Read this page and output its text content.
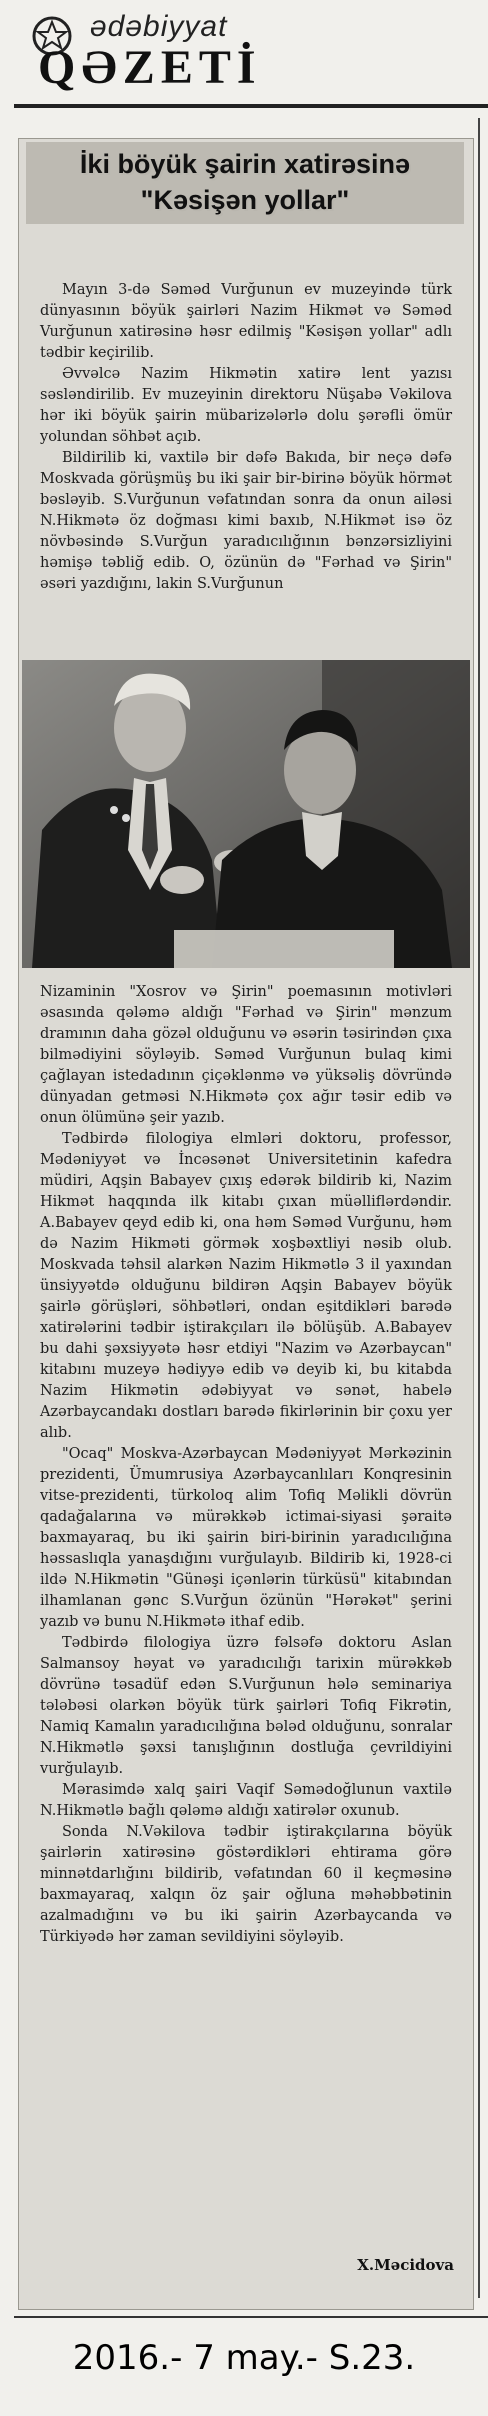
ədəbiyyat
QƏZETİ
İki böyük şairin xatirəsinə "Kəsişən yollar"

Mayın 3-də Səməd Vurğunun ev muzeyində türk dünyasının böyük şairləri Nazim Hikmət və Səməd Vurğunun xatirəsinə həsr edilmiş "Kəsişən yollar" adlı tədbir keçirilib.

Əvvəlcə Nazim Hikmətin xatirə lent yazısı səsləndirilib. Ev muzeyinin direktoru Nüşabə Vəkilova hər iki böyük şairin mübarizələrlə dolu şərəfli ömür yolundan söhbət açıb.

Bildirilib ki, vaxtilə bir dəfə Bakıda, bir neçə dəfə Moskvada görüşmüş bu iki şair bir-birinə böyük hörmət bəsləyib. S.Vurğunun vəfatından sonra da onun ailəsi N.Hikmətə öz doğması kimi baxıb, N.Hikmət isə öz növbəsində S.Vurğun yaradıcılığının bənzərsizliyini həmişə təbliğ edib. O, özünün də "Fərhad və Şirin" əsəri yazdığını, lakin S.Vurğunun

Nizaminin "Xosrov və Şirin" poemasının motivləri əsasında qələmə aldığı "Fərhad və Şirin" mənzum dramının daha gözəl olduğunu və əsərin təsirindən çıxa bilmədiyini söyləyib. Səməd Vurğunun bulaq kimi çağlayan istedadının çiçəklənmə və yüksəliş dövründə dünyadan getməsi N.Hikmətə çox ağır təsir edib və onun ölümünə şeir yazıb.

Tədbirdə filologiya elmləri doktoru, professor, Mədəniyyət və İncəsənət Universitetinin kafedra müdiri, Aqşin Babayev çıxış edərək bildirib ki, Nazim Hikmət haqqında ilk kitabı çıxan müəlliflərdəndir. A.Babayev qeyd edib ki, ona həm Səməd Vurğunu, həm də Nazim Hikməti görmək xoşbəxtliyi nəsib olub. Moskvada təhsil alarkən Nazim Hikmətlə 3 il yaxından ünsiyyətdə olduğunu bildirən Aqşin Babayev böyük şairlə görüşləri, söhbətləri, ondan eşitdikləri barədə xatirələrini tədbir iştirakçıları ilə bölüşüb. A.Babayev bu dahi şəxsiyyətə həsr etdiyi "Nazim və Azərbaycan" kitabını muzeyə hədiyyə edib və deyib ki, bu kitabda Nazim Hikmətin ədəbiyyat və sənət, habelə Azərbaycandakı dostları barədə fikirlərinin bir çoxu yer alıb.

"Ocaq" Moskva-Azərbaycan Mədəniyyət Mərkəzinin prezidenti, Ümumrusiya Azərbaycanlıları Konqresinin vitse-prezidenti, türkoloq alim Tofiq Məlikli dövrün qadağalarına və mürəkkəb ictimai-siyasi şəraitə baxmayaraq, bu iki şairin biri-birinin yaradıcılığına həssaslıqla yanaşdığını vurğulayıb. Bildirib ki, 1928-ci ildə N.Hikmətin "Günəşi içənlərin türküsü" kitabından ilhamlanan gənc S.Vurğun özünün "Hərəkət" şerini yazıb və bunu N.Hikmətə ithaf edib.

Tədbirdə filologiya üzrə fəlsəfə doktoru Aslan Salmansoy həyat və yaradıcılığı tarixin mürəkkəb dövrünə təsadüf edən S.Vurğunun hələ seminariya tələbəsi olarkən böyük türk şairləri Tofiq Fikrətin, Namiq Kamalın yaradıcılığına bələd olduğunu, sonralar N.Hikmətlə şəxsi tanışlığının dostluğa çevrildiyini vurğulayıb.

Mərasimdə xalq şairi Vaqif Səmədoğlunun vaxtilə N.Hikmətlə bağlı qələmə aldığı xatirələr oxunub.

Sonda N.Vəkilova tədbir iştirakçılarına böyük şairlərin xatirəsinə göstərdikləri ehtirama görə minnətdarlığını bildirib, vəfatından 60 il keçməsinə baxmayaraq, xalqın öz şair oğluna məhəbbətinin azalmadığını və bu iki şairin Azərbaycanda və Türkiyədə hər zaman sevildiyini söyləyib.

X.Məcidova
2016.- 7 may.- S.23.
